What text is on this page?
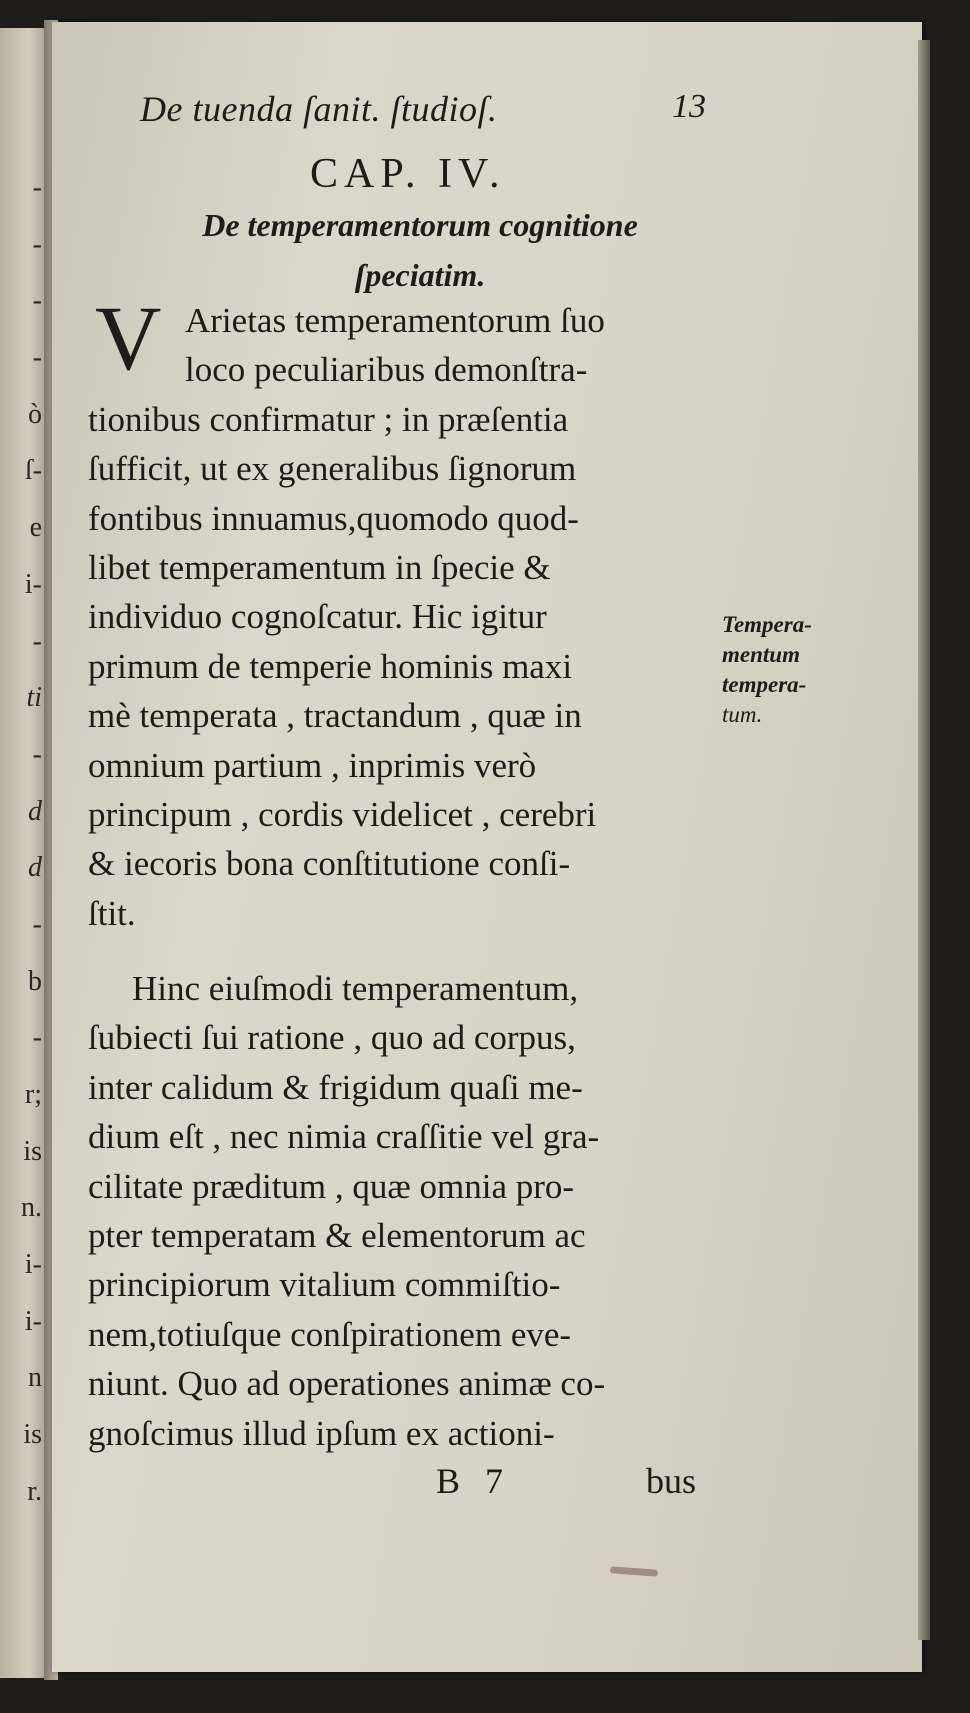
-
-
-
-
ò
ſ-
e
i-
-
ti
-
d
d
-
b
-
r;
is
n.
i-
i-
n
is
r.
De tuenda ſanit. ſtudioſ.	13
CAP. IV.
De temperamentorum cognitione
ſpeciatim.
V Arietas temperamentorum ſuo
loco peculiaribus demonſtra-
tionibus confirmatur ; in præſentia
ſufficit, ut ex generalibus ſignorum
fontibus innuamus,quomodo quod-
libet temperamentum in ſpecie &
individuo cognoſcatur. Hic igitur
primum de temperie hominis maxi
mè temperata , tractandum , quæ in
omnium partium , inprimis verò
principum , cordis videlicet , cerebri
& iecoris bona conſtitutione conſi-
ſtit.
Hinc eiuſmodi temperamentum,
ſubiecti ſui ratione , quo ad corpus,
inter calidum & frigidum quaſi me-
dium eſt , nec nimia craſſitie vel gra-
cilitate præditum , quæ omnia pro-
pter temperatam & elementorum ac
principiorum vitalium commiſtio-
nem,totiuſque conſpirationem eve-
niunt. Quo ad operationes animæ co-
gnoſcimus illud ipſum ex actioni-
Tempera-
mentum
tempera-
tum.
B 7	bus
